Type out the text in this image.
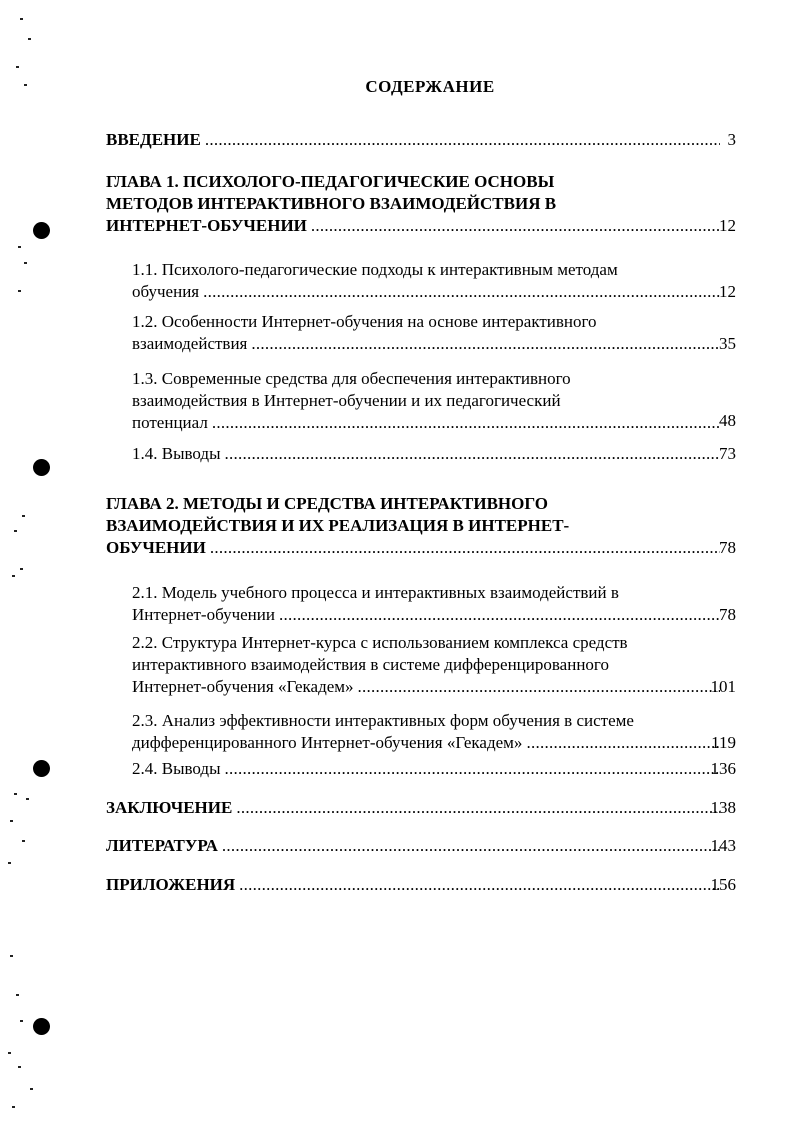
СОДЕРЖАНИЕ
ВВЕДЕНИЕ . . .	3
ГЛАВА 1. ПСИХОЛОГО-ПЕДАГОГИЧЕСКИЕ ОСНОВЫ
МЕТОДОВ ИНТЕРАКТИВНОГО ВЗАИМОДЕЙСТВИЯ В
ИНТЕРНЕТ-ОБУЧЕНИИ . . .	12
1.1. Психолого-педагогические подходы к интерактивным методам
обучения . . .	12
1.2. Особенности Интернет-обучения на основе интерактивного
взаимодействия . . .	35
1.3. Современные средства для обеспечения интерактивного
взаимодействия в Интернет-обучении и их педагогический
потенциал . . .	48
1.4. Выводы . . .	73
ГЛАВА 2. МЕТОДЫ И СРЕДСТВА ИНТЕРАКТИВНОГО
ВЗАИМОДЕЙСТВИЯ И ИХ РЕАЛИЗАЦИЯ В ИНТЕРНЕТ-
ОБУЧЕНИИ . . .	78
2.1. Модель учебного процесса и интерактивных взаимодействий в
Интернет-обучении . . .	78
2.2. Структура Интернет-курса с использованием комплекса средств
интерактивного взаимодействия в системе дифференцированного
Интернет-обучения «Гекадем» . . .	101
2.3. Анализ эффективности интерактивных форм обучения в системе
дифференцированного Интернет-обучения «Гекадем» . . .	119
2.4. Выводы . . .	136
ЗАКЛЮЧЕНИЕ . . .	138
ЛИТЕРАТУРА . . .	143
ПРИЛОЖЕНИЯ . . .	156
